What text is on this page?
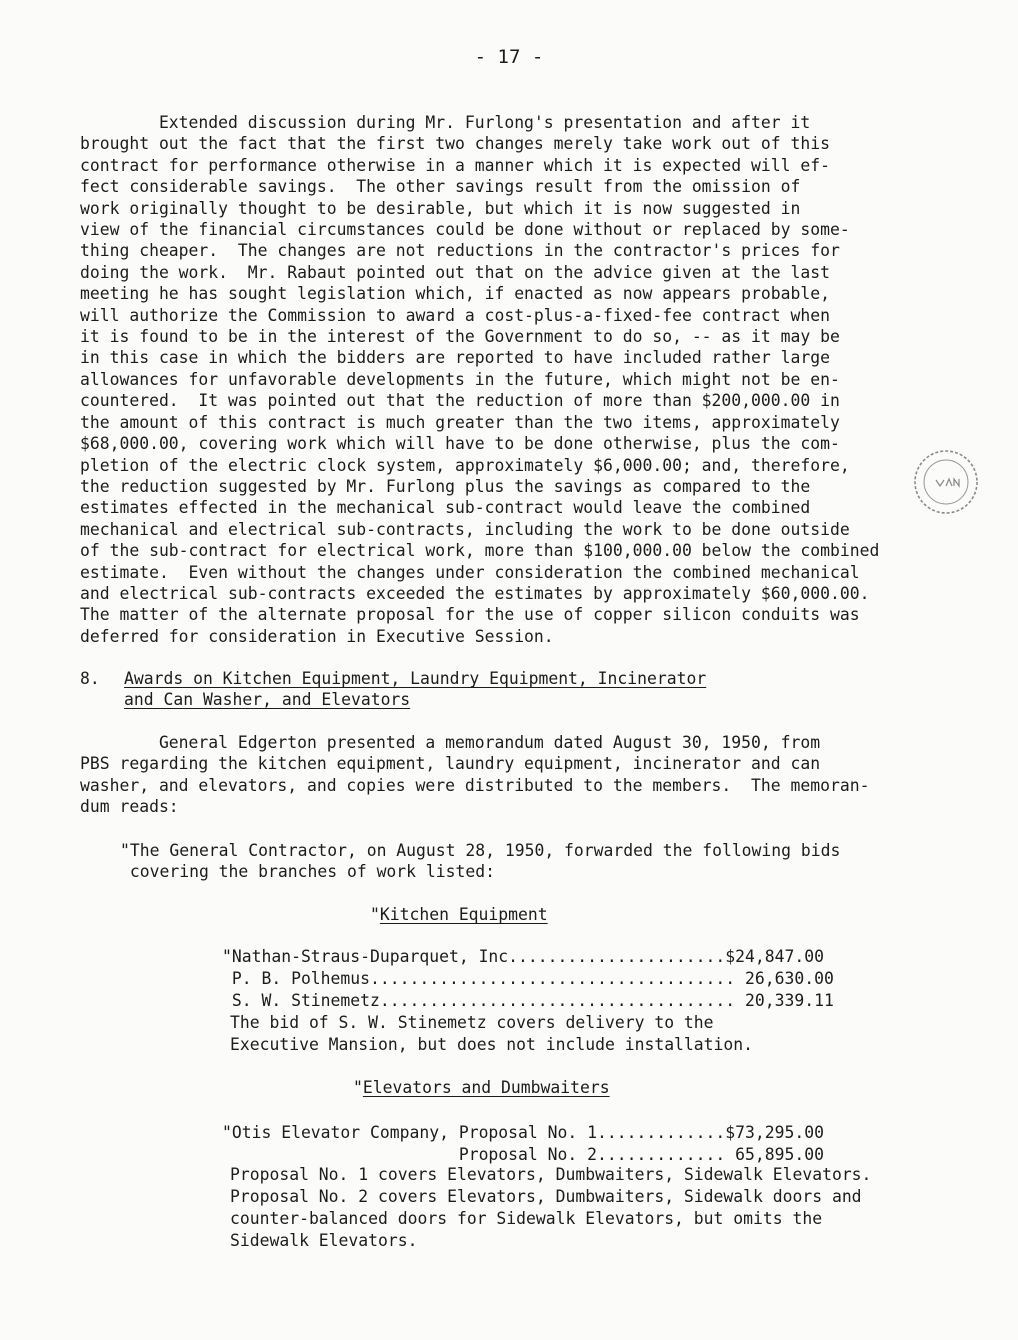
- 17 -
Extended discussion during Mr. Furlong's presentation and after it
brought out the fact that the first two changes merely take work out of this
contract for performance otherwise in a manner which it is expected will ef-
fect considerable savings.  The other savings result from the omission of
work originally thought to be desirable, but which it is now suggested in
view of the financial circumstances could be done without or replaced by some-
thing cheaper.  The changes are not reductions in the contractor's prices for
doing the work.  Mr. Rabaut pointed out that on the advice given at the last
meeting he has sought legislation which, if enacted as now appears probable,
will authorize the Commission to award a cost-plus-a-fixed-fee contract when
it is found to be in the interest of the Government to do so, -- as it may be
in this case in which the bidders are reported to have included rather large
allowances for unfavorable developments in the future, which might not be en-
countered.  It was pointed out that the reduction of more than $200,000.00 in
the amount of this contract is much greater than the two items, approximately
$68,000.00, covering work which will have to be done otherwise, plus the com-
pletion of the electric clock system, approximately $6,000.00; and, therefore,
the reduction suggested by Mr. Furlong plus the savings as compared to the
estimates effected in the mechanical sub-contract would leave the combined
mechanical and electrical sub-contracts, including the work to be done outside
of the sub-contract for electrical work, more than $100,000.00 below the combined
estimate.  Even without the changes under consideration the combined mechanical
and electrical sub-contracts exceeded the estimates by approximately $60,000.00.
The matter of the alternate proposal for the use of copper silicon conduits was
deferred for consideration in Executive Session.
8. Awards on Kitchen Equipment, Laundry Equipment, Incinerator
and Can Washer, and Elevators
General Edgerton presented a memorandum dated August 30, 1950, from
PBS regarding the kitchen equipment, laundry equipment, incinerator and can
washer, and elevators, and copies were distributed to the members.  The memoran-
dum reads:
"The General Contractor, on August 28, 1950, forwarded the following bids
covering the branches of work listed:
"Kitchen Equipment
"Nathan-Straus-Duparquet, Inc......................$24,847.00
P. B. Polhemus..................................... 26,630.00
S. W. Stinemetz.................................... 20,339.11
The bid of S. W. Stinemetz covers delivery to the
Executive Mansion, but does not include installation.
"Elevators and Dumbwaiters
"Otis Elevator Company, Proposal No. 1.............$73,295.00
Proposal No. 2............. 65,895.00
Proposal No. 1 covers Elevators, Dumbwaiters, Sidewalk Elevators.
Proposal No. 2 covers Elevators, Dumbwaiters, Sidewalk doors and
counter-balanced doors for Sidewalk Elevators, but omits the
Sidewalk Elevators.
